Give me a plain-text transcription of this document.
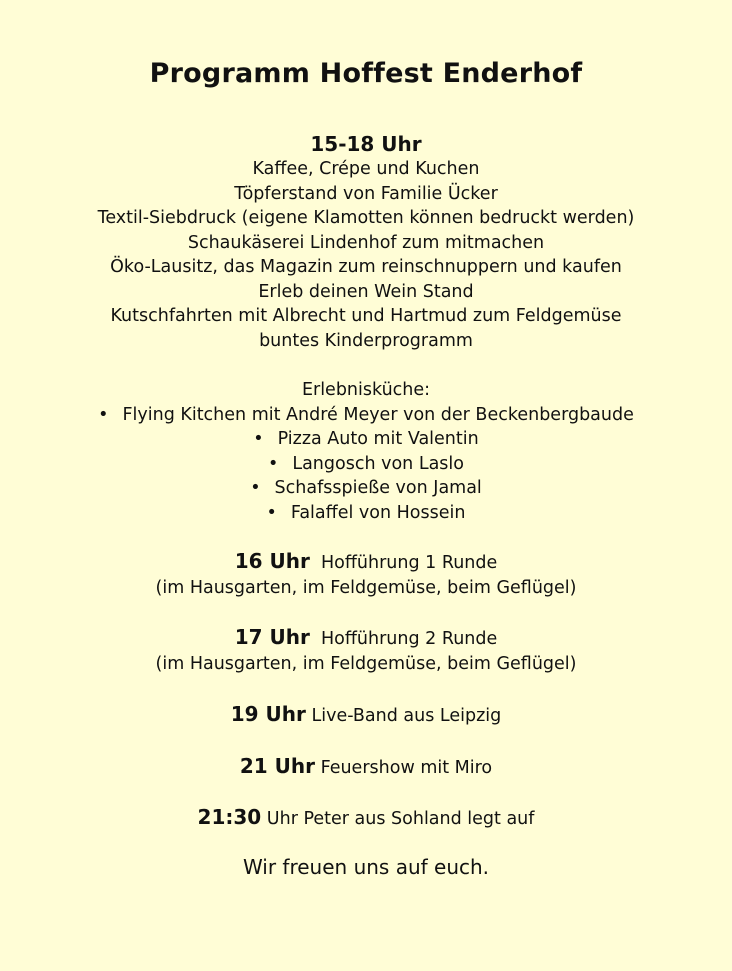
Programm Hoffest Enderhof
15-18 Uhr
Kaffee, Crépe und Kuchen
Töpferstand von Familie Ücker
Textil-Siebdruck (eigene Klamotten können bedruckt werden)
Schaukäserei Lindenhof zum mitmachen
Öko-Lausitz, das Magazin zum reinschnuppern und kaufen
Erleb deinen Wein Stand
Kutschfahrten mit Albrecht und Hartmud zum Feldgemüse
buntes Kinderprogramm
Erlebnisküche:
• Flying Kitchen mit André Meyer von der Beckenbergbaude
• Pizza Auto mit Valentin
• Langosch von Laslo
• Schafsspieße von Jamal
• Falaffel von Hossein
16 Uhr Hofführung 1 Runde
(im Hausgarten, im Feldgemüse, beim Geflügel)
17 Uhr Hofführung 2 Runde
(im Hausgarten, im Feldgemüse, beim Geflügel)
19 Uhr Live-Band aus Leipzig
21 Uhr Feuershow mit Miro
21:30 Uhr Peter aus Sohland legt auf
Wir freuen uns auf euch.
